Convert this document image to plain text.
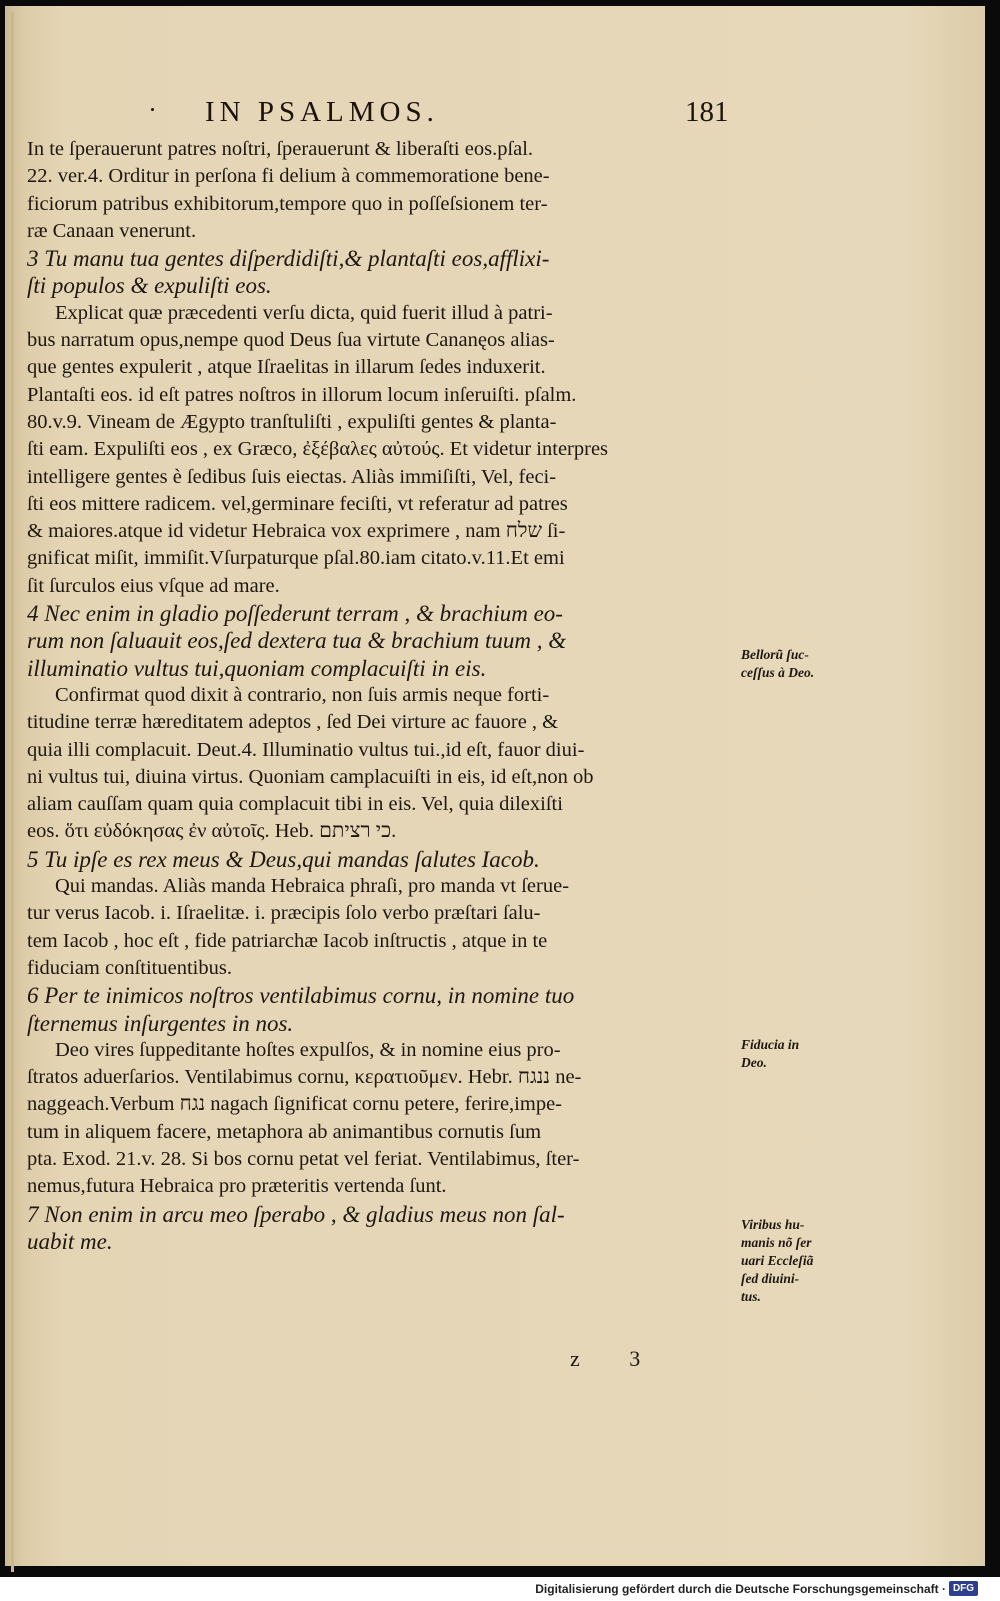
IN PSALMOS.	181
In te ſperauerunt patres noſtri, ſperauerunt & liberaſti eos.pſal.
22. ver.4. Orditur in perſona fi delium à commemoratione bene-
ficiorum patribus exhibitorum,tempore quo in poſſeſsionem ter-
ræ Canaan venerunt.
3 Tu manu tua gentes diſperdidiſti,& plantaſti eos,afflixi-
ſti populos & expuliſti eos.
Explicat quæ præcedenti verſu dicta, quid fuerit illud à patri-
bus narratum opus,nempe quod Deus ſua virtute Cananęos alias-
que gentes expulerit , atque Iſraelitas in illarum ſedes induxerit.
Plantaſti eos. id eſt patres noſtros in illorum locum inſeruiſti. pſalm.
80.v.9. Vineam de Ægypto tranſtuliſti , expuliſti gentes & planta-
ſti eam. Expuliſti eos , ex Græco, ἐξέβαλες αὐτούς. Et videtur interpres
intelligere gentes è ſedibus ſuis eiectas. Aliàs immiſiſti, Vel, feci-
ſti eos mittere radicem. vel,germinare feciſti, vt referatur ad patres
& maiores.atque id videtur Hebraica vox exprimere , nam שלח ſi-
gnificat miſit, immiſit.Vſurpaturque pſal.80.iam citato.v.11.Et emi
ſit ſurculos eius vſque ad mare.
4 Nec enim in gladio poſſederunt terram , & brachium eo-
rum non ſaluauit eos,ſed dextera tua & brachium tuum , &
illuminatio vultus tui,quoniam complacuiſti in eis.
Confirmat quod dixit à contrario, non ſuis armis neque forti-
titudine terræ hæreditatem adeptos , ſed Dei virture ac fauore , &
quia illi complacuit. Deut.4. Illuminatio vultus tui.,id eſt, fauor diui-
ni vultus tui, diuina virtus. Quoniam camplacuiſti in eis, id eſt,non ob
aliam cauſſam quam quia complacuit tibi in eis. Vel, quia dilexiſti
eos. ὅτι εὐδόκησας ἐν αὐτοῖς. Heb. כי רציתם.
5 Tu ipſe es rex meus & Deus,qui mandas ſalutes Iacob.
Qui mandas. Aliàs manda Hebraica phraſi, pro manda vt ſerue-
tur verus Iacob. i. Iſraelitæ. i. præcipis ſolo verbo præſtari ſalu-
tem Iacob , hoc eſt , fide patriarchæ Iacob inſtructis , atque in te
fiduciam conſtituentibus.
6 Per te inimicos noſtros ventilabimus cornu, in nomine tuo
ſternemus inſurgentes in nos.
Deo vires ſuppeditante hoſtes expulſos, & in nomine eius pro-
ſtratos aduerſarios. Ventilabimus cornu, κερατιοῦμεν. Hebr. ננגח ne-
naggeach.Verbum נגח nagach ſignificat cornu petere, ferire,impe-
tum in aliquem facere, metaphora ab animantibus cornutis ſum
pta. Exod. 21.v. 28. Si bos cornu petat vel feriat. Ventilabimus, ſter-
nemus,futura Hebraica pro præteritis vertenda ſunt.
7 Non enim in arcu meo ſperabo , & gladius meus non ſal-
uabit me.
Bellorũ ſuc-
ceſſus à Deo.
Fiducia in
Deo.
Viribus hu-
manis nõ ſer
uari Eccleſiã
ſed diuini-
tus.
z 3
Digitalisierung gefördert durch die Deutsche Forschungsgemeinschaft · DFG
